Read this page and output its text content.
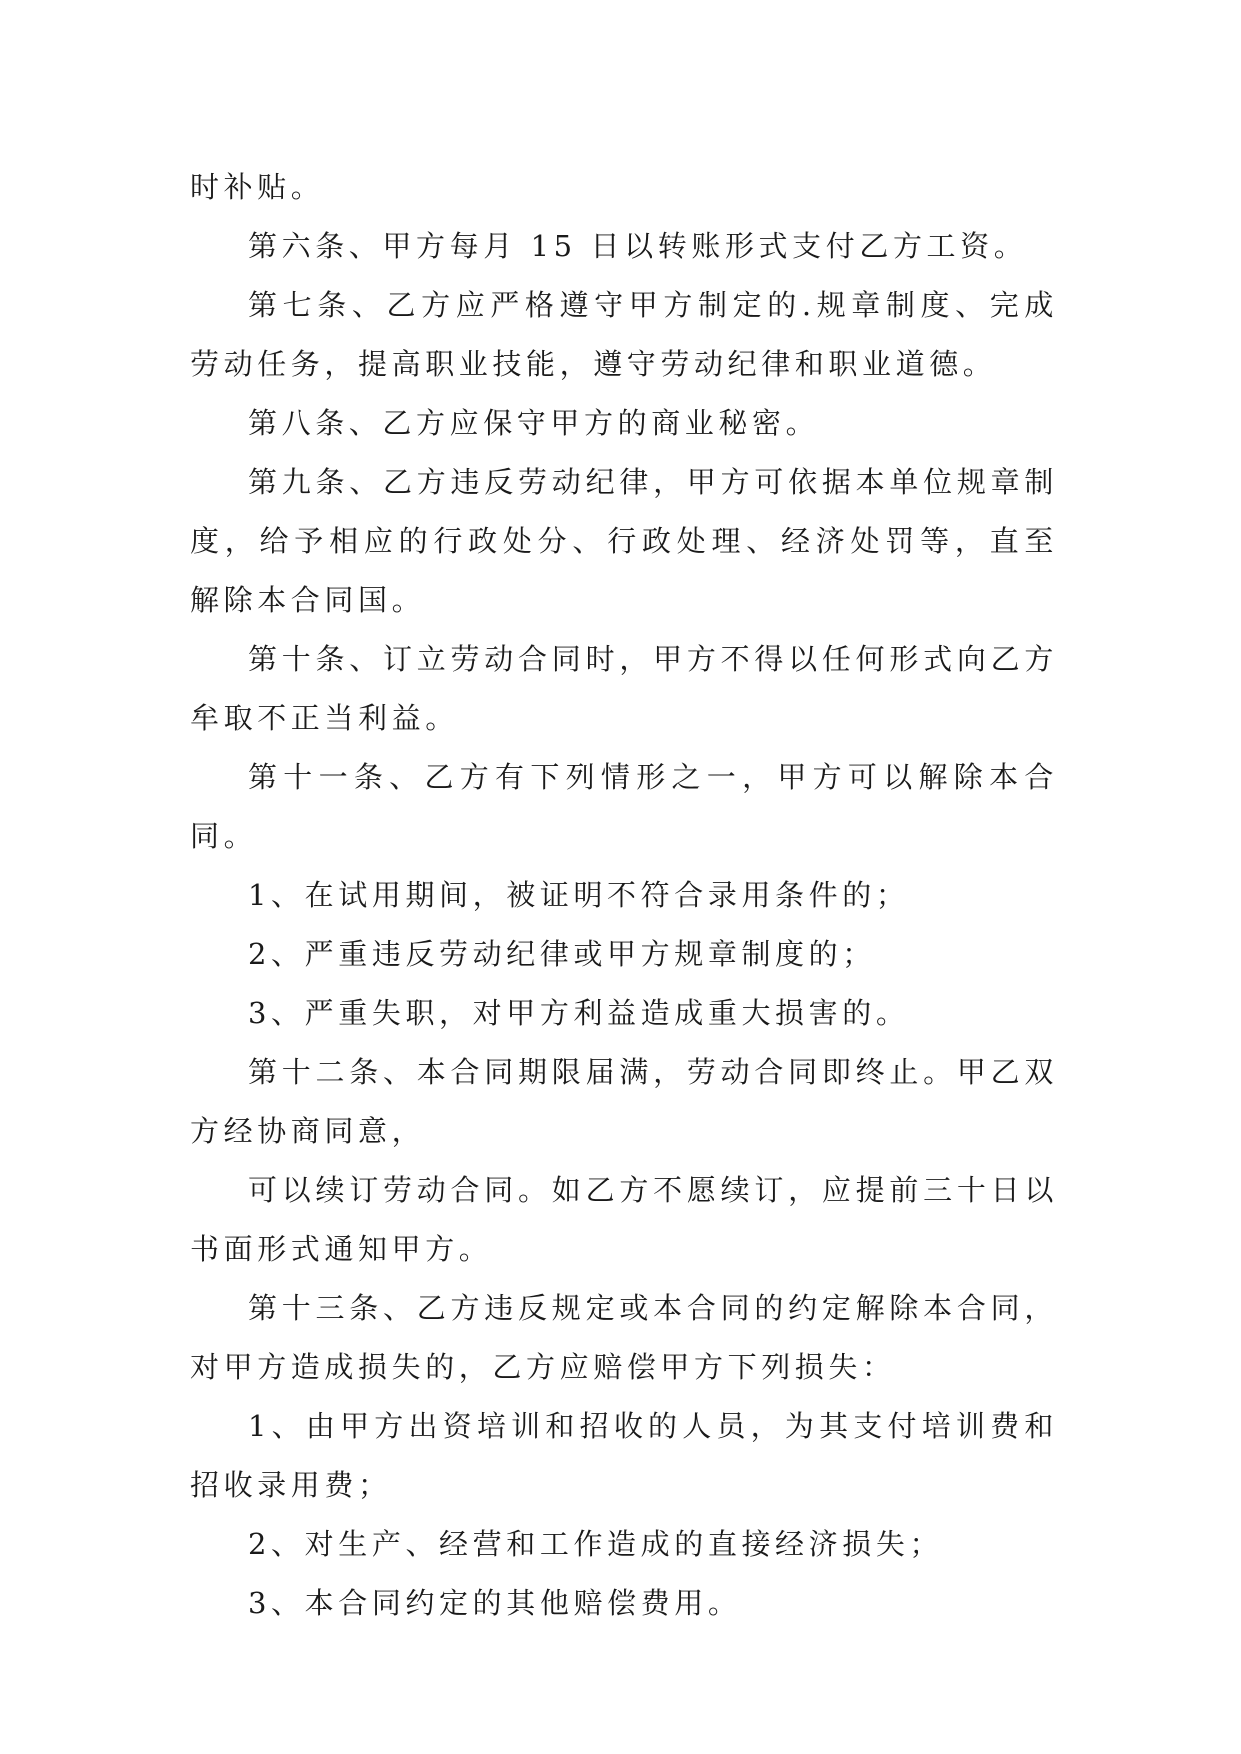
时补贴。

第六条、甲方每月 15 日以转账形式支付乙方工资。

第七条、乙方应严格遵守甲方制定的.规章制度、完成劳动任务，提高职业技能，遵守劳动纪律和职业道德。

第八条、乙方应保守甲方的商业秘密。

第九条、乙方违反劳动纪律，甲方可依据本单位规章制度，给予相应的行政处分、行政处理、经济处罚等，直至解除本合同国。

第十条、订立劳动合同时，甲方不得以任何形式向乙方牟取不正当利益。

第十一条、乙方有下列情形之一，甲方可以解除本合同。

1、在试用期间，被证明不符合录用条件的；

2、严重违反劳动纪律或甲方规章制度的；

3、严重失职，对甲方利益造成重大损害的。

第十二条、本合同期限届满，劳动合同即终止。甲乙双方经协商同意，

可以续订劳动合同。如乙方不愿续订，应提前三十日以书面形式通知甲方。

第十三条、乙方违反规定或本合同的约定解除本合同，对甲方造成损失的，乙方应赔偿甲方下列损失：

1、由甲方出资培训和招收的人员，为其支付培训费和招收录用费；

2、对生产、经营和工作造成的直接经济损失；

3、本合同约定的其他赔偿费用。
